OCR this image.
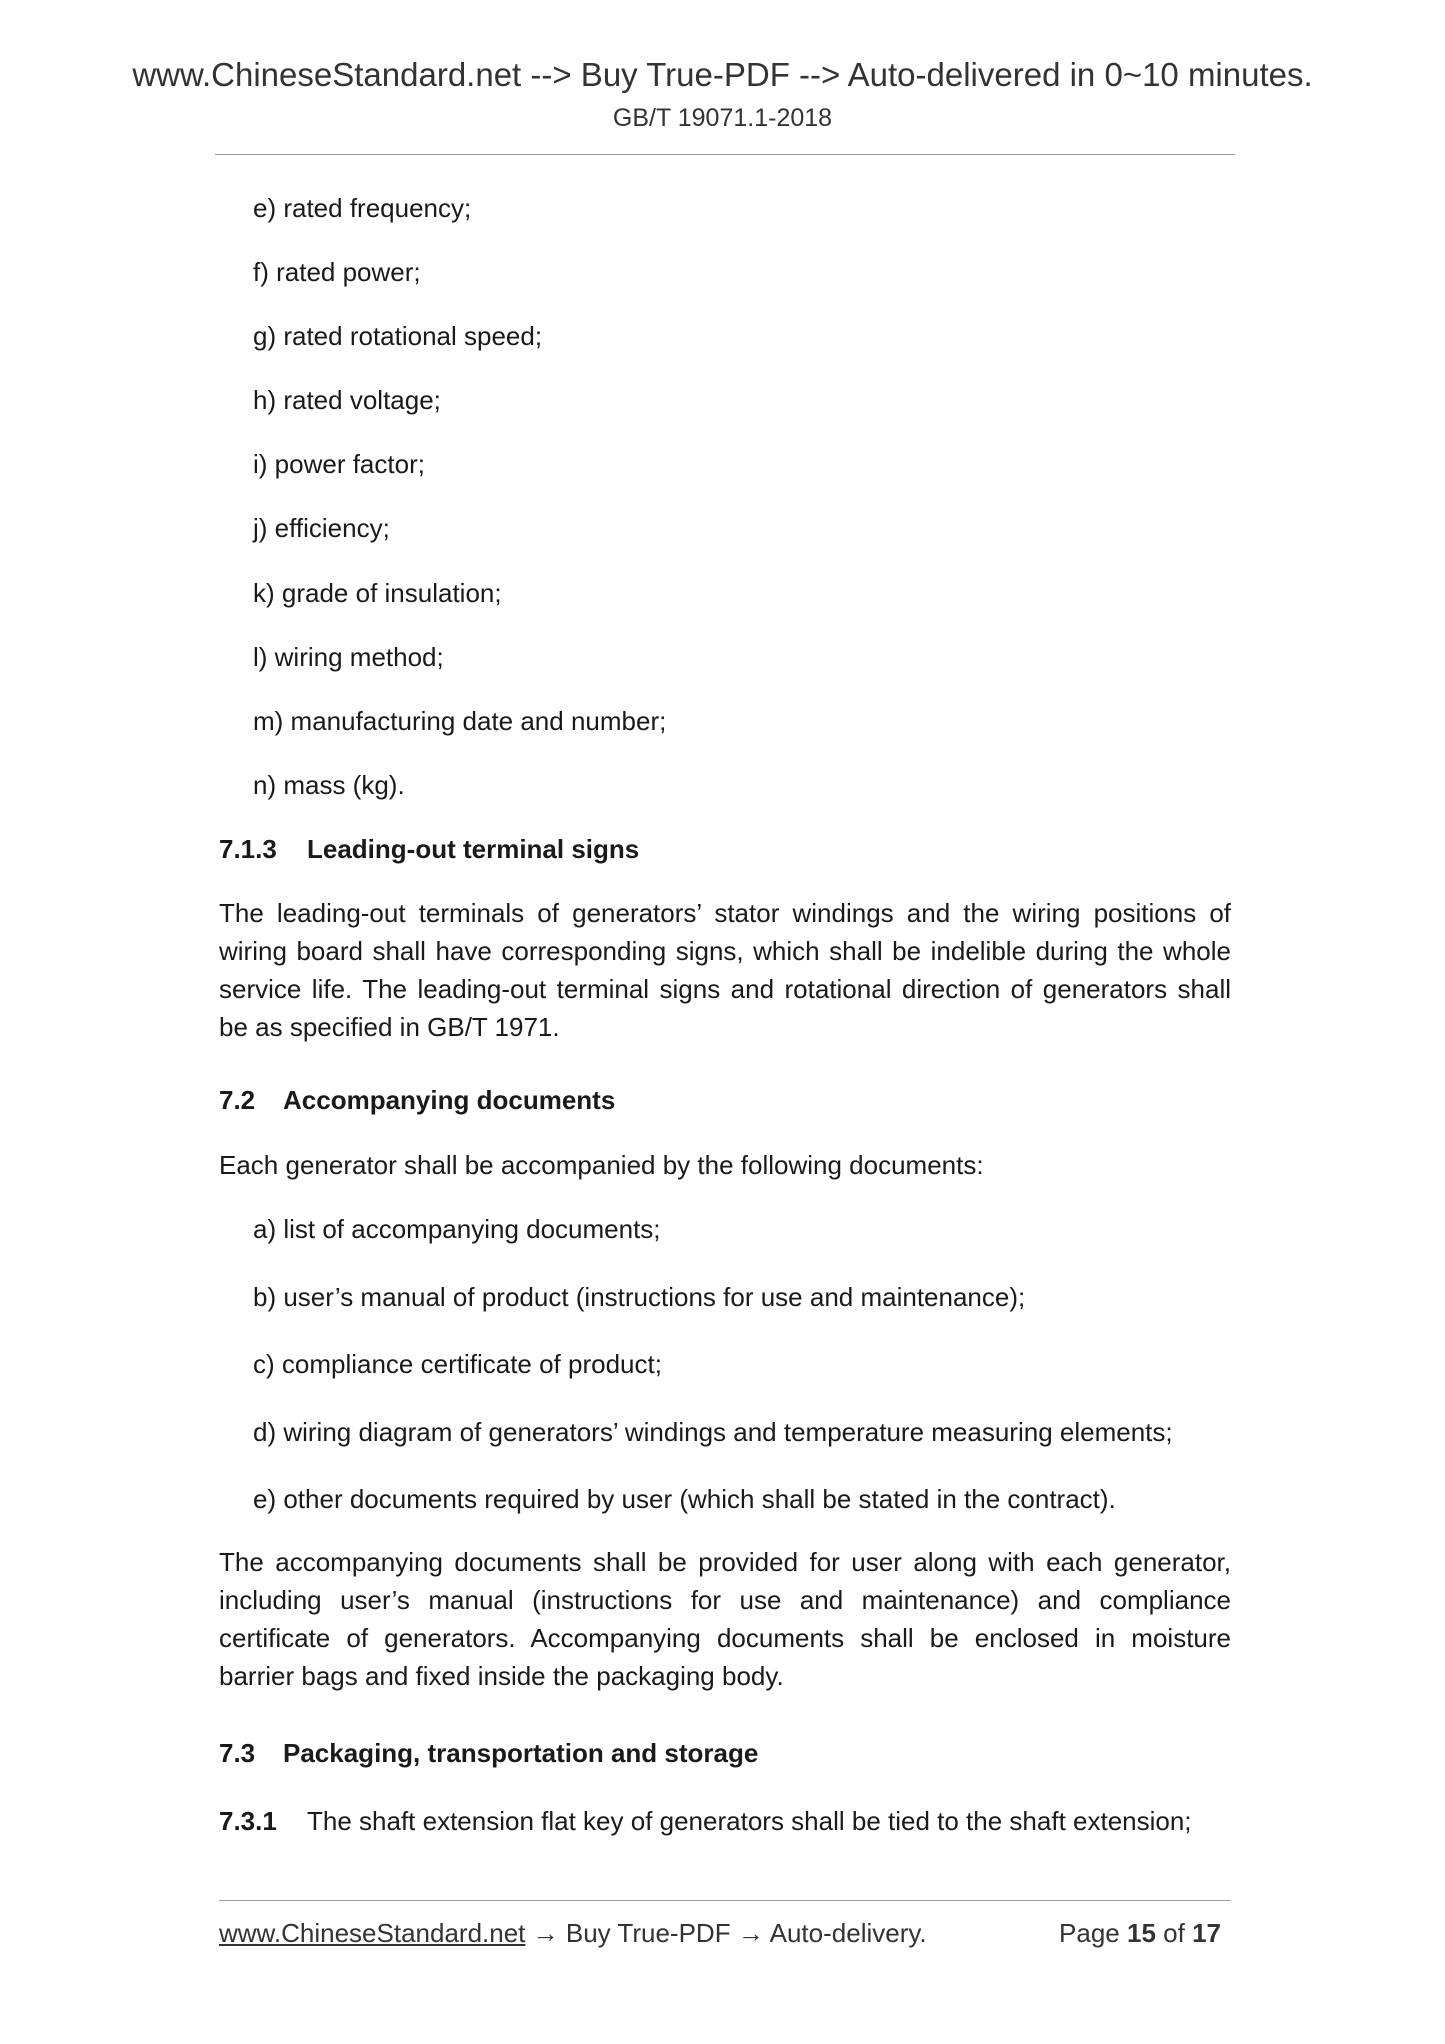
www.ChineseStandard.net --> Buy True-PDF --> Auto-delivered in 0~10 minutes.
GB/T 19071.1-2018
e) rated frequency;
f) rated power;
g) rated rotational speed;
h) rated voltage;
i) power factor;
j) efficiency;
k) grade of insulation;
l) wiring method;
m) manufacturing date and number;
n) mass (kg).
7.1.3 Leading-out terminal signs
The leading-out terminals of generators’ stator windings and the wiring positions of wiring board shall have corresponding signs, which shall be indelible during the whole service life. The leading-out terminal signs and rotational direction of generators shall be as specified in GB/T 1971.
7.2 Accompanying documents
Each generator shall be accompanied by the following documents:
a) list of accompanying documents;
b) user’s manual of product (instructions for use and maintenance);
c) compliance certificate of product;
d) wiring diagram of generators’ windings and temperature measuring elements;
e) other documents required by user (which shall be stated in the contract).
The accompanying documents shall be provided for user along with each generator, including user’s manual (instructions for use and maintenance) and compliance certificate of generators. Accompanying documents shall be enclosed in moisture barrier bags and fixed inside the packaging body.
7.3 Packaging, transportation and storage
7.3.1 The shaft extension flat key of generators shall be tied to the shaft extension;
www.ChineseStandard.net → Buy True-PDF → Auto-delivery.	Page 15 of 17
